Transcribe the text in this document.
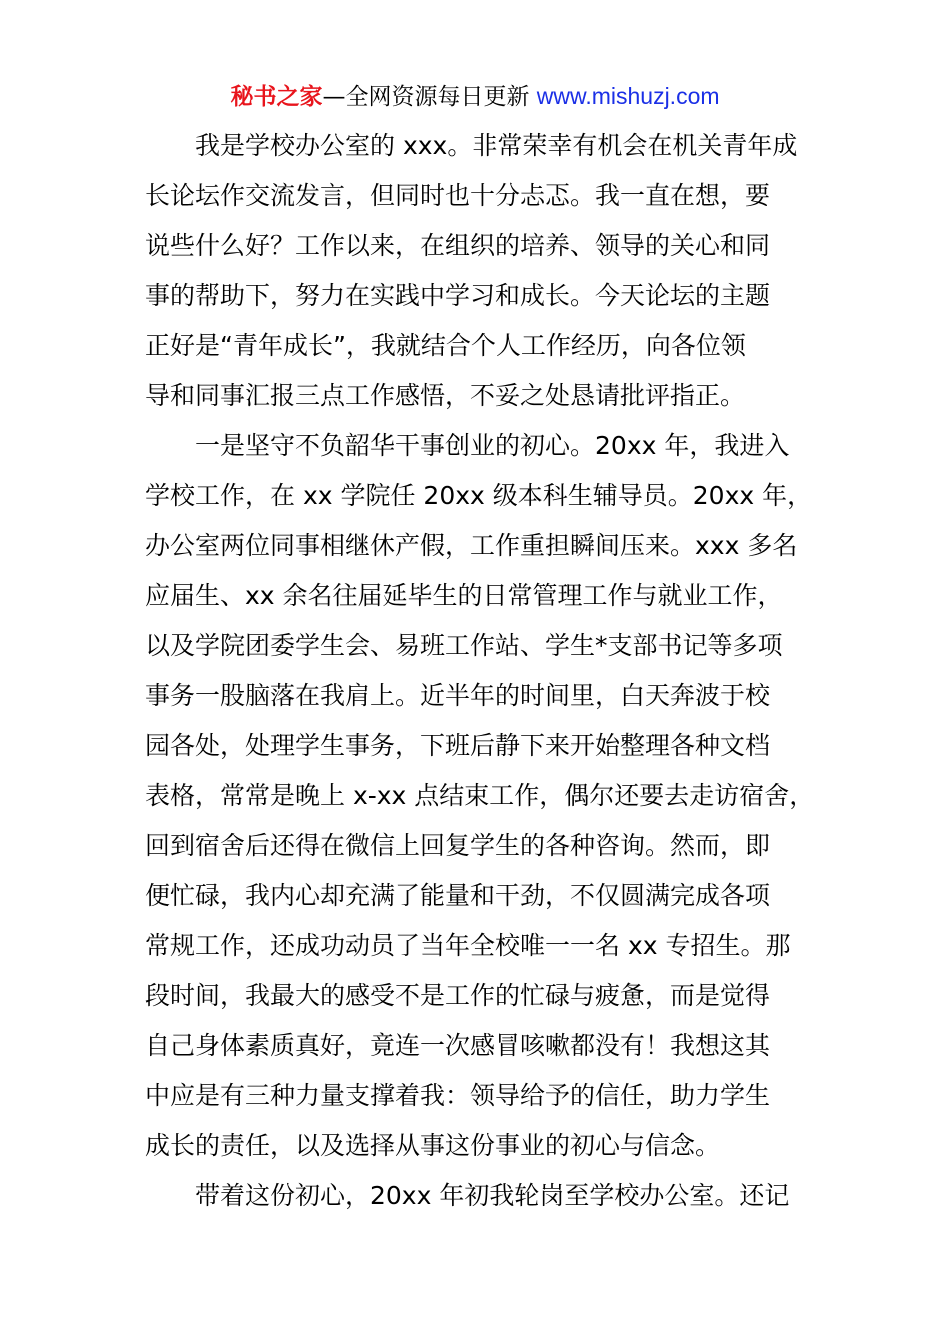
秘书之家—全网资源每日更新 www.mishuzj.com

我是学校办公室的 xxx。非常荣幸有机会在机关青年成
长论坛作交流发言，但同时也十分忐忑。我一直在想，要
说些什么好？工作以来，在组织的培养、领导的关心和同
事的帮助下，努力在实践中学习和成长。今天论坛的主题
正好是“青年成长”，我就结合个人工作经历，向各位领
导和同事汇报三点工作感悟，不妥之处恳请批评指正。

一是坚守不负韶华干事创业的初心。20xx 年，我进入
学校工作，在 xx 学院任 20xx 级本科生辅导员。20xx 年，
办公室两位同事相继休产假，工作重担瞬间压来。xxx 多名
应届生、xx 余名往届延毕生的日常管理工作与就业工作，
以及学院团委学生会、易班工作站、学生*支部书记等多项
事务一股脑落在我肩上。近半年的时间里，白天奔波于校
园各处，处理学生事务，下班后静下来开始整理各种文档
表格，常常是晚上 x-xx 点结束工作，偶尔还要去走访宿舍，
回到宿舍后还得在微信上回复学生的各种咨询。然而，即
便忙碌，我内心却充满了能量和干劲，不仅圆满完成各项
常规工作，还成功动员了当年全校唯一一名 xx 专招生。那
段时间，我最大的感受不是工作的忙碌与疲惫，而是觉得
自己身体素质真好，竟连一次感冒咳嗽都没有！我想这其
中应是有三种力量支撑着我：领导给予的信任，助力学生
成长的责任，以及选择从事这份事业的初心与信念。

带着这份初心，20xx 年初我轮岗至学校办公室。还记
